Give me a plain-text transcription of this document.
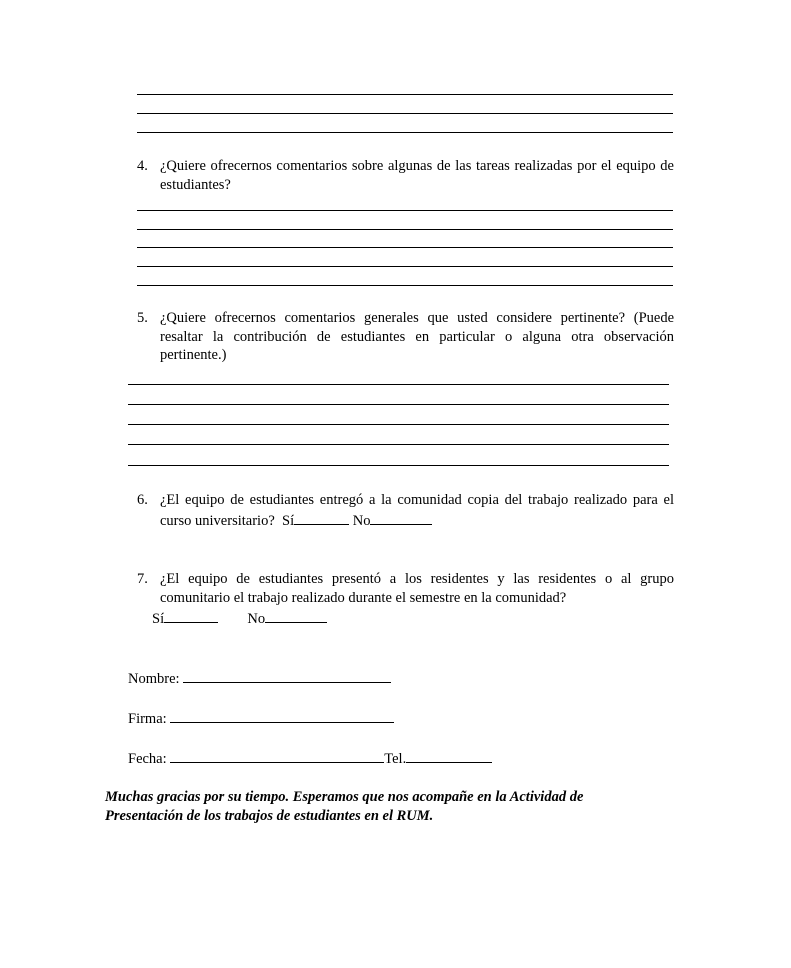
4. ¿Quiere ofrecernos comentarios sobre algunas de las tareas realizadas por el equipo de estudiantes?
5. ¿Quiere ofrecernos comentarios generales que usted considere pertinente? (Puede resaltar la contribución de estudiantes en particular o alguna otra observación pertinente.)
6. ¿El equipo de estudiantes entregó a la comunidad copia del trabajo realizado para el curso universitario? Sí	No
7. ¿El equipo de estudiantes presentó a los residentes y las residentes o al grupo comunitario el trabajo realizado durante el semestre en la comunidad?
Sí	No
Nombre:
Firma:
Fecha:	Tel.
Muchas gracias por su tiempo. Esperamos que nos acompañe en la Actividad de Presentación de los trabajos de estudiantes en el RUM.
